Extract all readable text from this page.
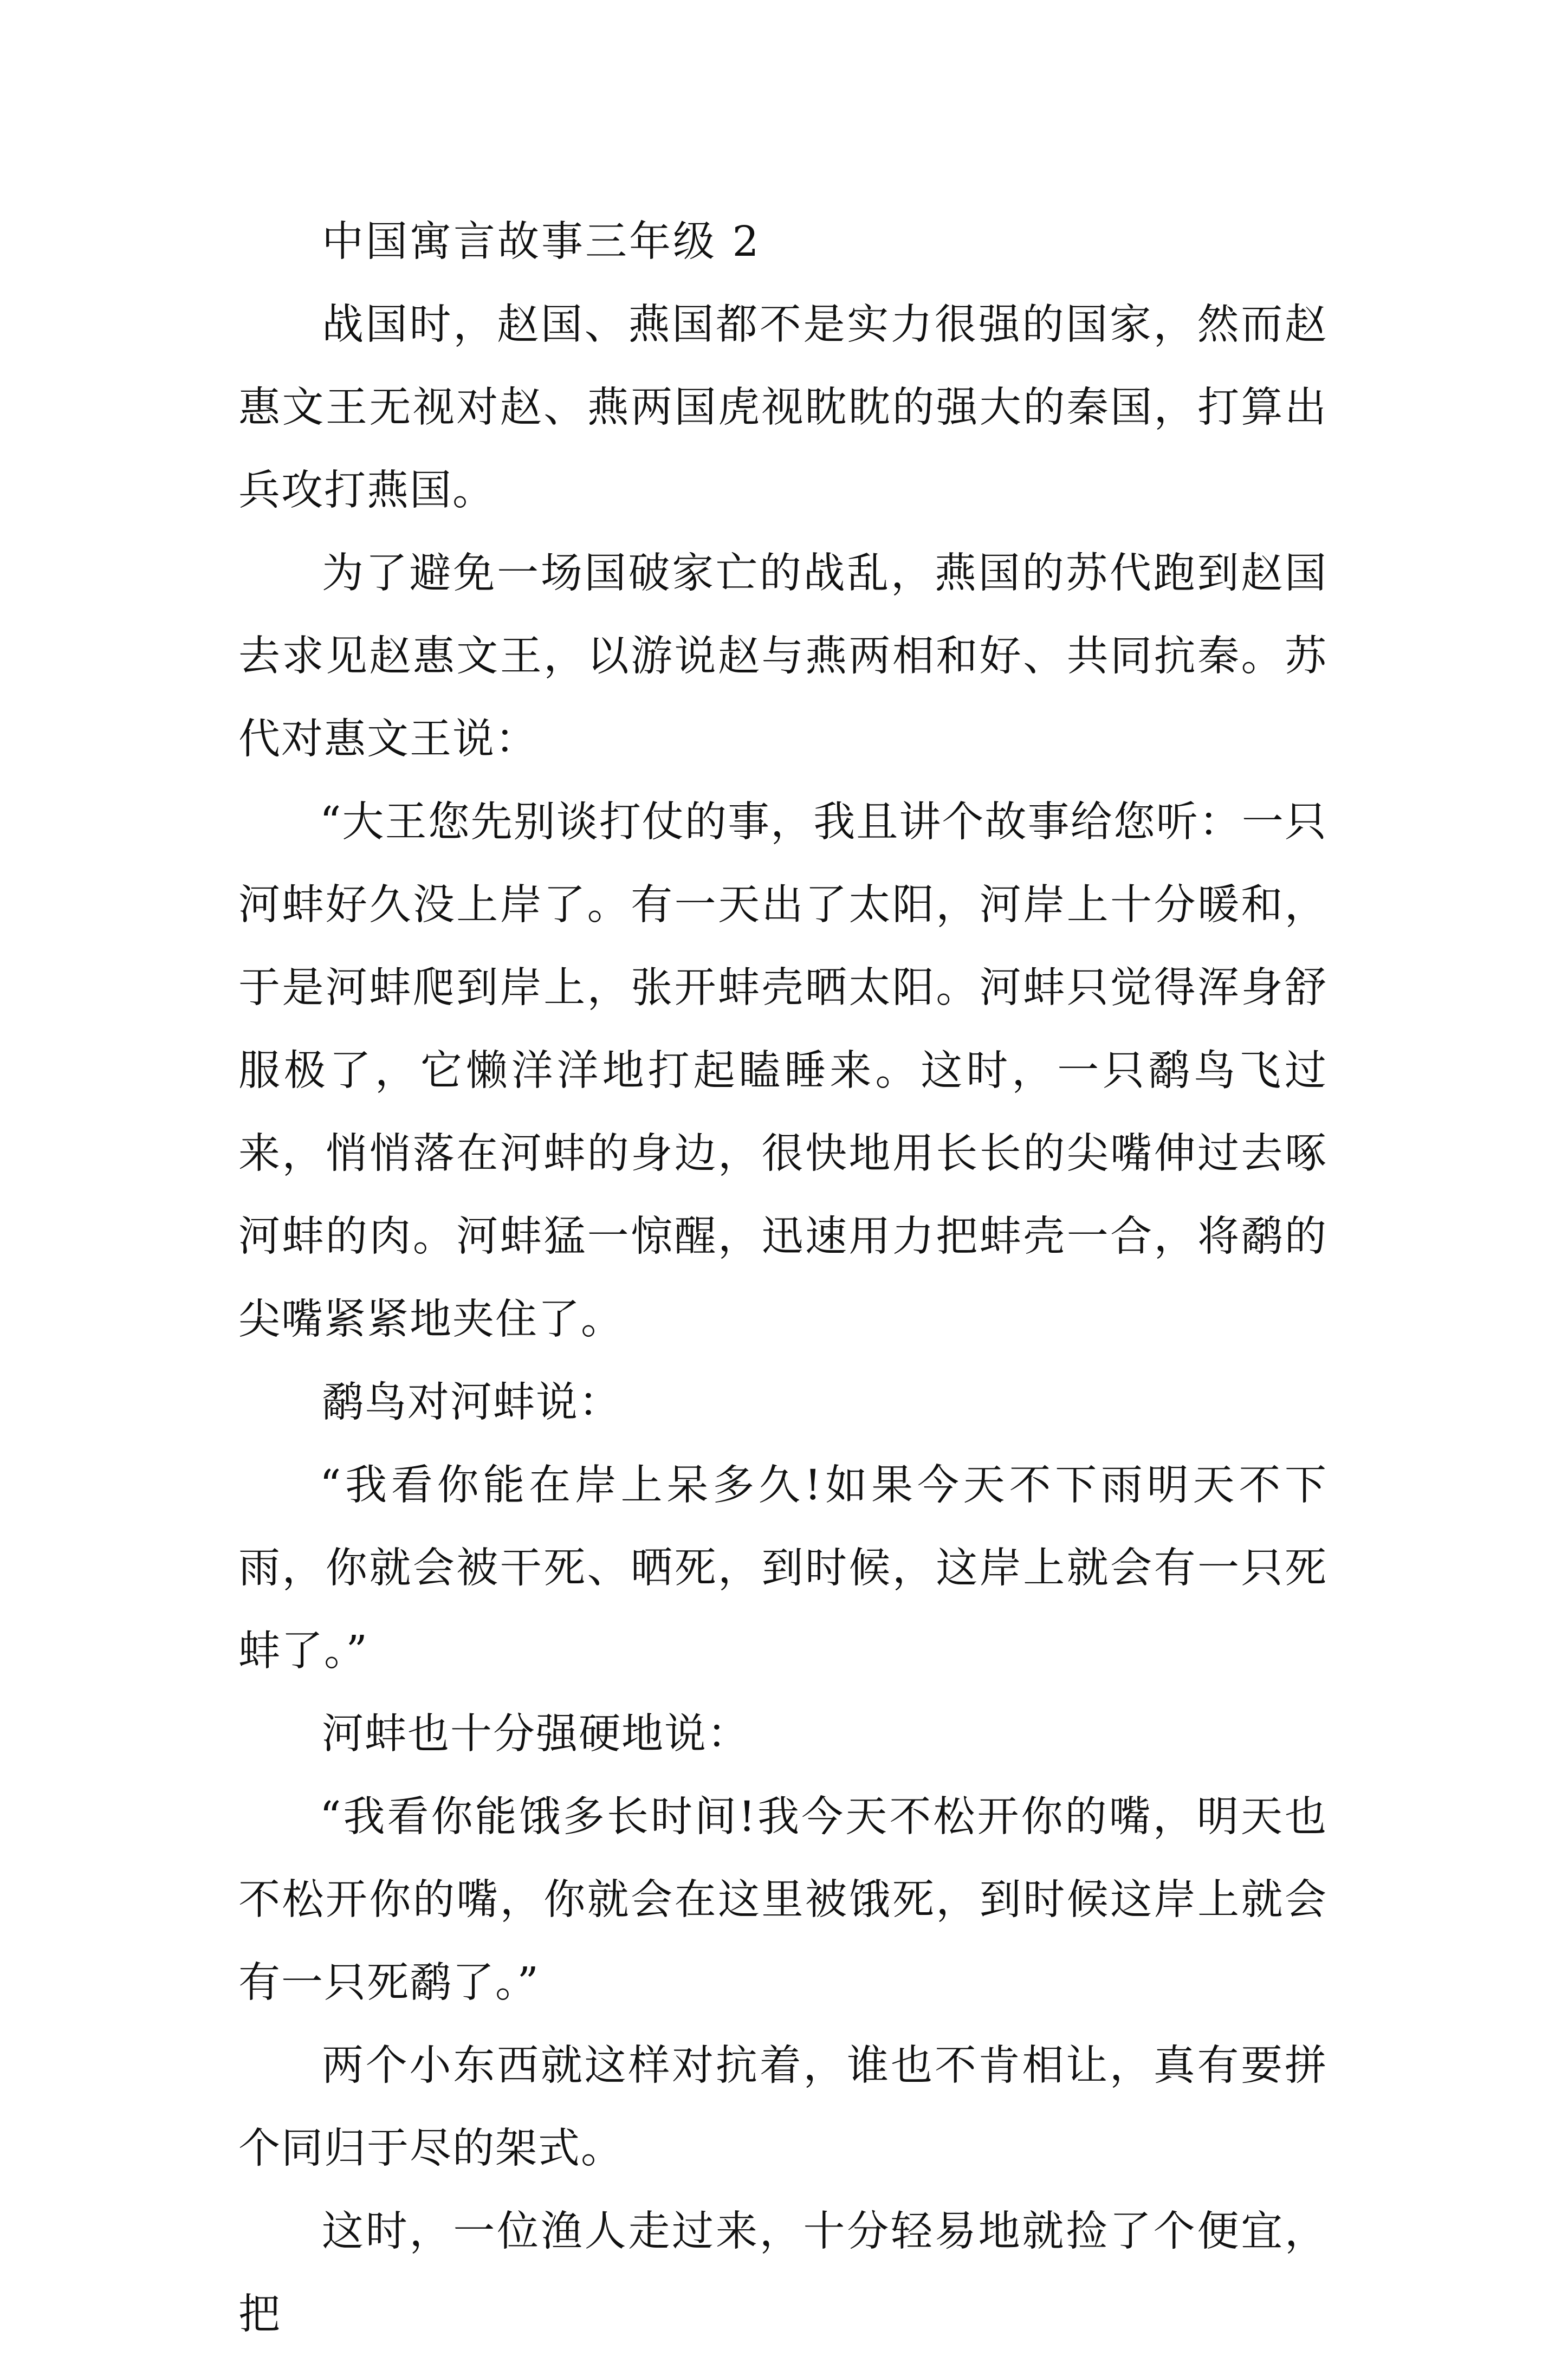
中国寓言故事三年级 2

战国时，赵国、燕国都不是实力很强的国家，然而赵惠文王无视对赵、燕两国虎视眈眈的强大的秦国，打算出兵攻打燕国。

为了避免一场国破家亡的战乱，燕国的苏代跑到赵国去求见赵惠文王，以游说赵与燕两相和好、共同抗秦。苏代对惠文王说：

“大王您先别谈打仗的事，我且讲个故事给您听：一只河蚌好久没上岸了。有一天出了太阳，河岸上十分暖和，于是河蚌爬到岸上，张开蚌壳晒太阳。河蚌只觉得浑身舒服极了，它懒洋洋地打起瞌睡来。这时，一只鹬鸟飞过来，悄悄落在河蚌的身边，很快地用长长的尖嘴伸过去啄河蚌的肉。河蚌猛一惊醒，迅速用力把蚌壳一合，将鹬的尖嘴紧紧地夹住了。

鹬鸟对河蚌说：

“我看你能在岸上呆多久!如果今天不下雨明天不下雨，你就会被干死、晒死，到时候，这岸上就会有一只死蚌了。”

河蚌也十分强硬地说：

“我看你能饿多长时间!我今天不松开你的嘴，明天也不松开你的嘴，你就会在这里被饿死，到时候这岸上就会有一只死鹬了。”

两个小东西就这样对抗着，谁也不肯相让，真有要拼个同归于尽的架式。

这时，一位渔人走过来，十分轻易地就捡了个便宜，把
